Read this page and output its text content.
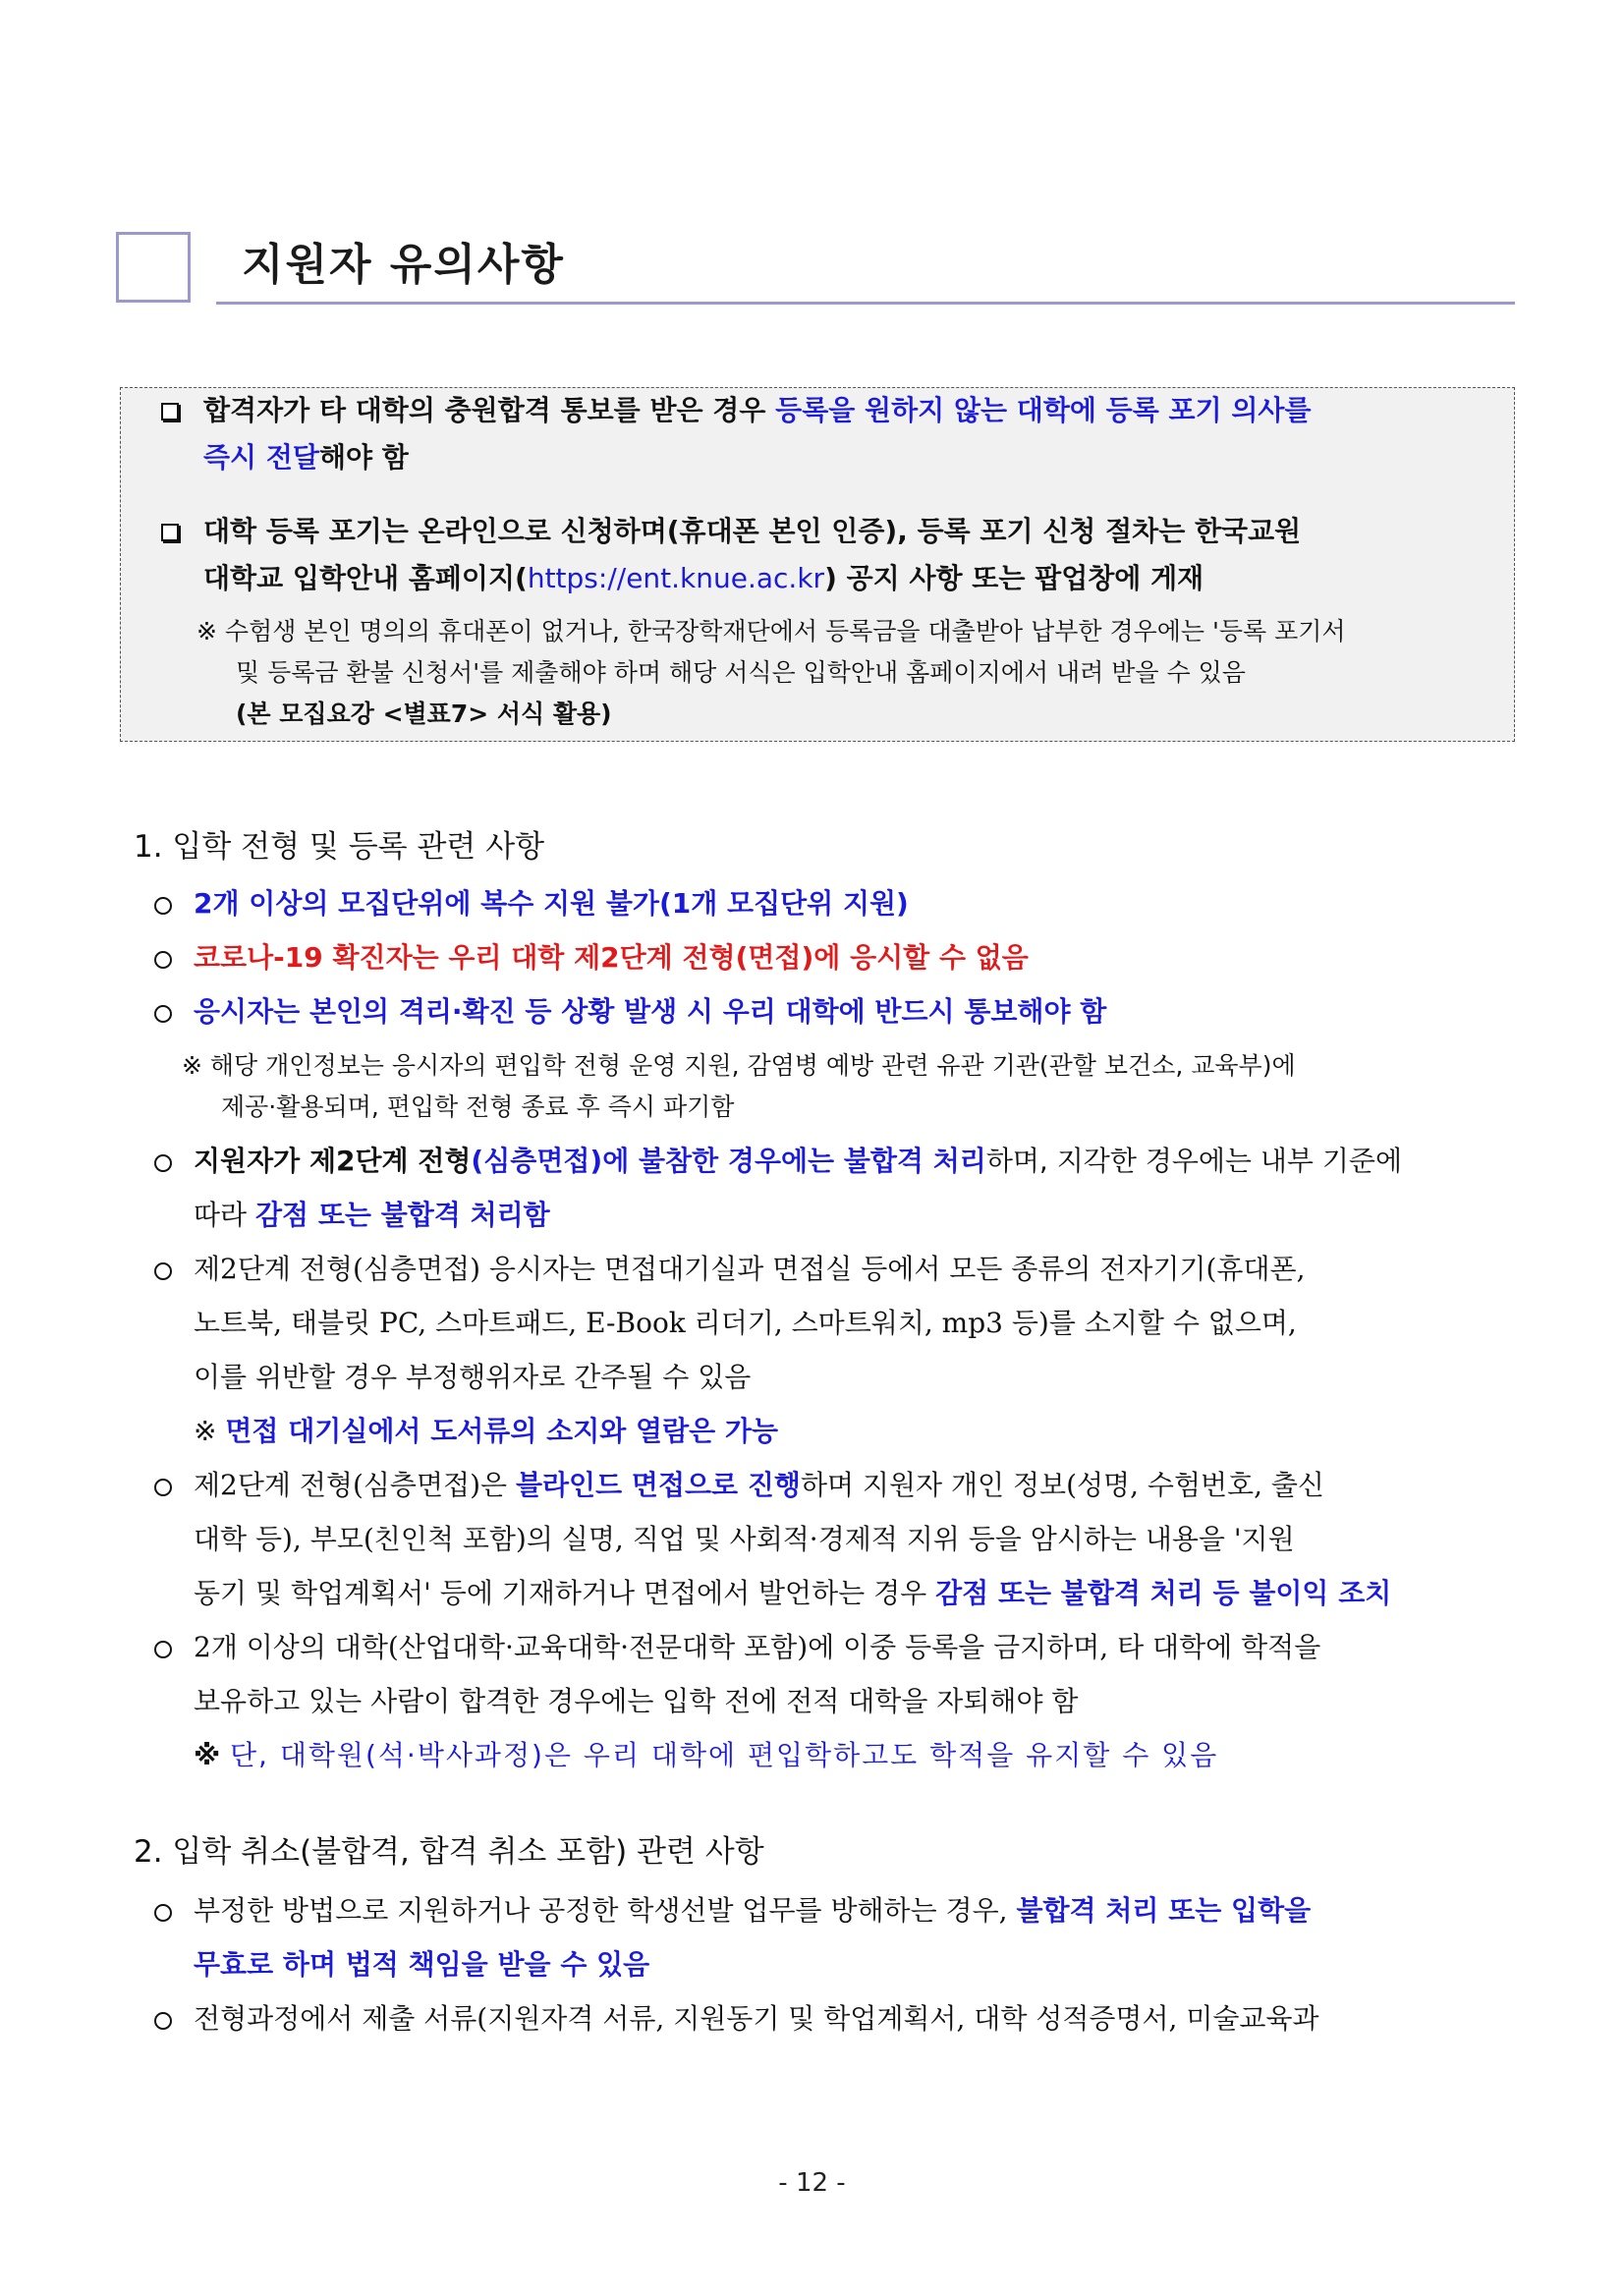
지원자 유의사항
합격자가 타 대학의 충원합격 통보를 받은 경우 등록을 원하지 않는 대학에 등록 포기 의사를
즉시 전달해야 함
대학 등록 포기는 온라인으로 신청하며(휴대폰 본인 인증), 등록 포기 신청 절차는 한국교원
대학교 입학안내 홈페이지(https://ent.knue.ac.kr) 공지 사항 또는 팝업창에 게재
※ 수험생 본인 명의의 휴대폰이 없거나, 한국장학재단에서 등록금을 대출받아 납부한 경우에는 '등록 포기서
및 등록금 환불 신청서'를 제출해야 하며 해당 서식은 입학안내 홈페이지에서 내려 받을 수 있음
(본 모집요강 <별표7> 서식 활용)
1. 입학 전형 및 등록 관련 사항
2개 이상의 모집단위에 복수 지원 불가(1개 모집단위 지원)
코로나-19 확진자는 우리 대학 제2단계 전형(면접)에 응시할 수 없음
응시자는 본인의 격리·확진 등 상황 발생 시 우리 대학에 반드시 통보해야 함
※ 해당 개인정보는 응시자의 편입학 전형 운영 지원, 감염병 예방 관련 유관 기관(관할 보건소, 교육부)에
제공·활용되며, 편입학 전형 종료 후 즉시 파기함
지원자가 제2단계 전형(심층면접)에 불참한 경우에는 불합격 처리하며, 지각한 경우에는 내부 기준에
따라 감점 또는 불합격 처리함
제2단계 전형(심층면접) 응시자는 면접대기실과 면접실 등에서 모든 종류의 전자기기(휴대폰,
노트북, 태블릿 PC, 스마트패드, E-Book 리더기, 스마트워치, mp3 등)를 소지할 수 없으며,
이를 위반할 경우 부정행위자로 간주될 수 있음
※ 면접 대기실에서 도서류의 소지와 열람은 가능
제2단계 전형(심층면접)은 블라인드 면접으로 진행하며 지원자 개인 정보(성명, 수험번호, 출신
대학 등), 부모(친인척 포함)의 실명, 직업 및 사회적·경제적 지위 등을 암시하는 내용을 '지원
동기 및 학업계획서' 등에 기재하거나 면접에서 발언하는 경우 감점 또는 불합격 처리 등 불이익 조치
2개 이상의 대학(산업대학·교육대학·전문대학 포함)에 이중 등록을 금지하며, 타 대학에 학적을
보유하고 있는 사람이 합격한 경우에는 입학 전에 전적 대학을 자퇴해야 함
※ 단, 대학원(석·박사과정)은 우리 대학에 편입학하고도 학적을 유지할 수 있음
2. 입학 취소(불합격, 합격 취소 포함) 관련 사항
부정한 방법으로 지원하거나 공정한 학생선발 업무를 방해하는 경우, 불합격 처리 또는 입학을
무효로 하며 법적 책임을 받을 수 있음
전형과정에서 제출 서류(지원자격 서류, 지원동기 및 학업계획서, 대학 성적증명서, 미술교육과
- 12 -
